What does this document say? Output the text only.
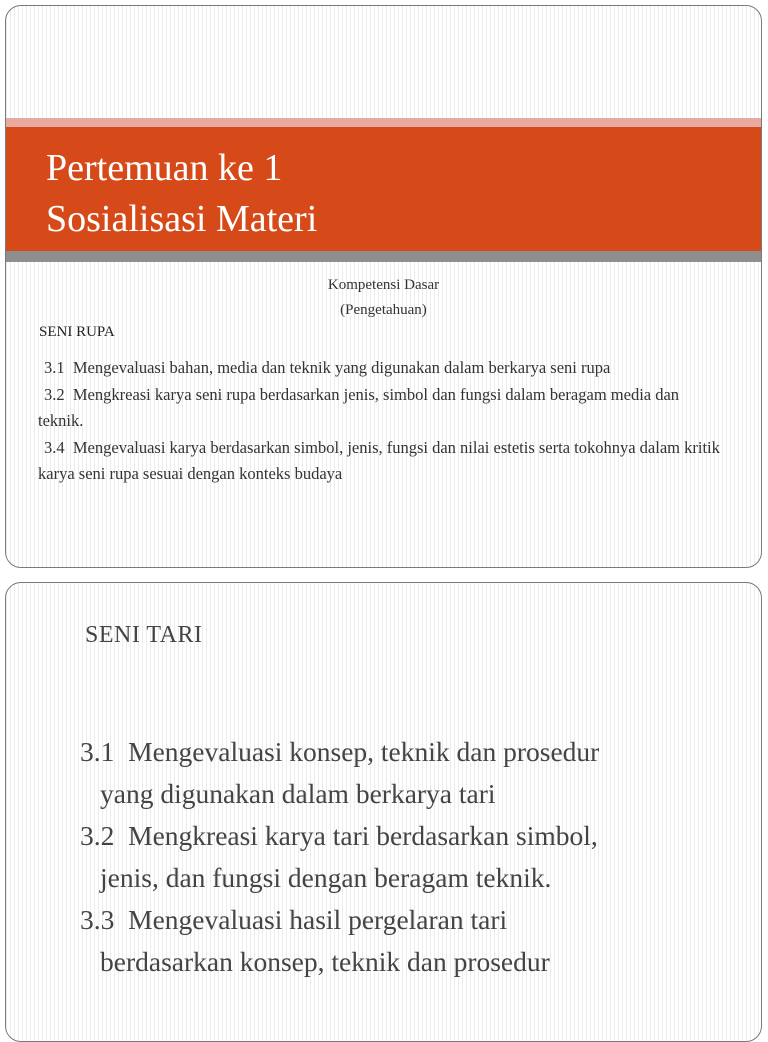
Pertemuan ke 1
Sosialisasi Materi
Kompetensi Dasar
(Pengetahuan)
SENI RUPA

3.1 Mengevaluasi bahan, media dan teknik yang digunakan dalam berkarya seni rupa

3.2 Mengkreasi karya seni rupa berdasarkan jenis, simbol dan fungsi dalam beragam media dan teknik.

3.4 Mengevaluasi karya berdasarkan simbol, jenis, fungsi dan nilai estetis serta tokohnya dalam kritik karya seni rupa sesuai dengan konteks budaya

SENI TARI
3.1 Mengevaluasi konsep, teknik dan prosedur
yang digunakan dalam berkarya tari
3.2 Mengkreasi karya tari berdasarkan simbol,
jenis, dan fungsi dengan beragam teknik.
3.3 Mengevaluasi hasil pergelaran tari
berdasarkan konsep, teknik dan prosedur
